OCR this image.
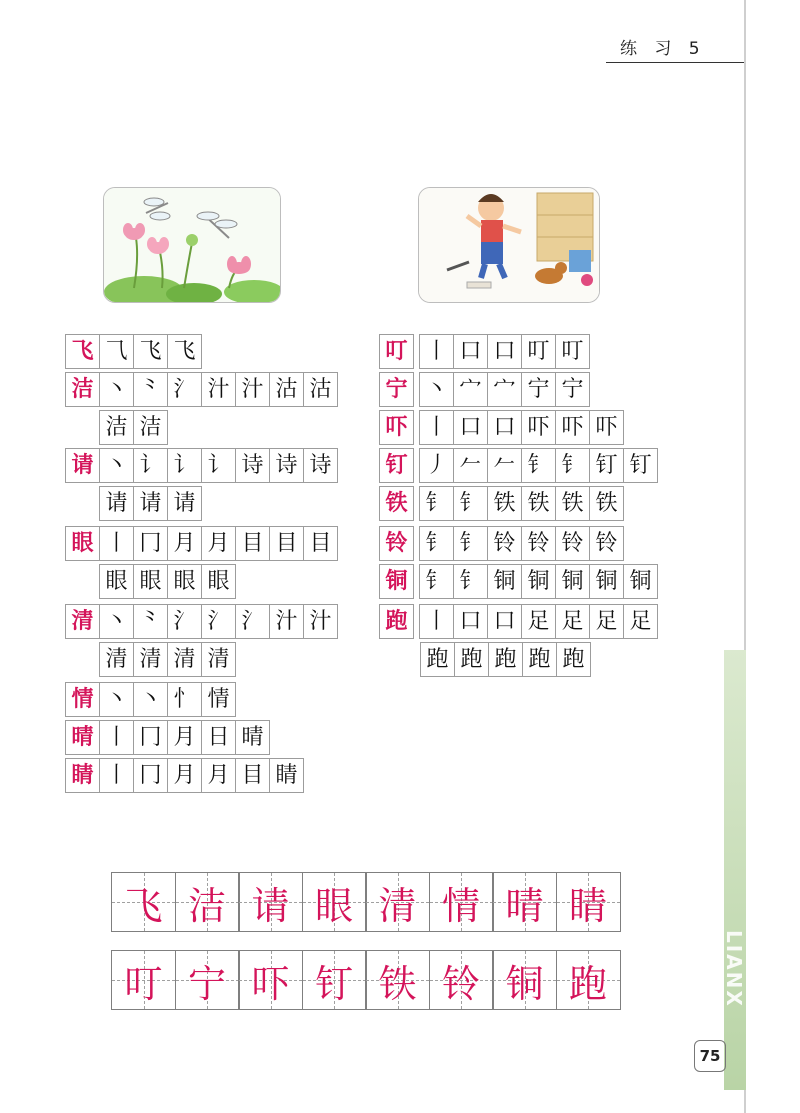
LIANX
练 习 5
飞 ⺄ 飞 飞
洁 丶 ⺀ 氵 汁 汁 沽 沽
洁 洁
请 丶 讠 讠 讠 诗 诗 诗
请 请 请
眼 丨 冂 月 月 目 目 目
眼 眼 眼 眼
清 丶 ⺀ 氵 氵 氵 汁 汁
清 清 清 清
情 丶 丶 忄 情
晴 丨 冂 月 日 晴
睛 丨 冂 月 月 目 睛
叮 丨 口 口 叮 叮
宁 丶 宀 宀 宁 宁
吓 丨 口 口 吓 吓 吓
钉 丿 𠂉 𠂉 钅 钅 钉 钉
铁 钅 钅 铁 铁 铁 铁
铃 钅 钅 铃 铃 铃 铃
铜 钅 钅 铜 铜 铜 铜 铜
跑 丨 口 口 足 足 足 足
跑 跑 跑 跑 跑
飞 洁 请 眼 清 情 晴 睛
叮 宁 吓 钉 铁 铃 铜 跑
75
